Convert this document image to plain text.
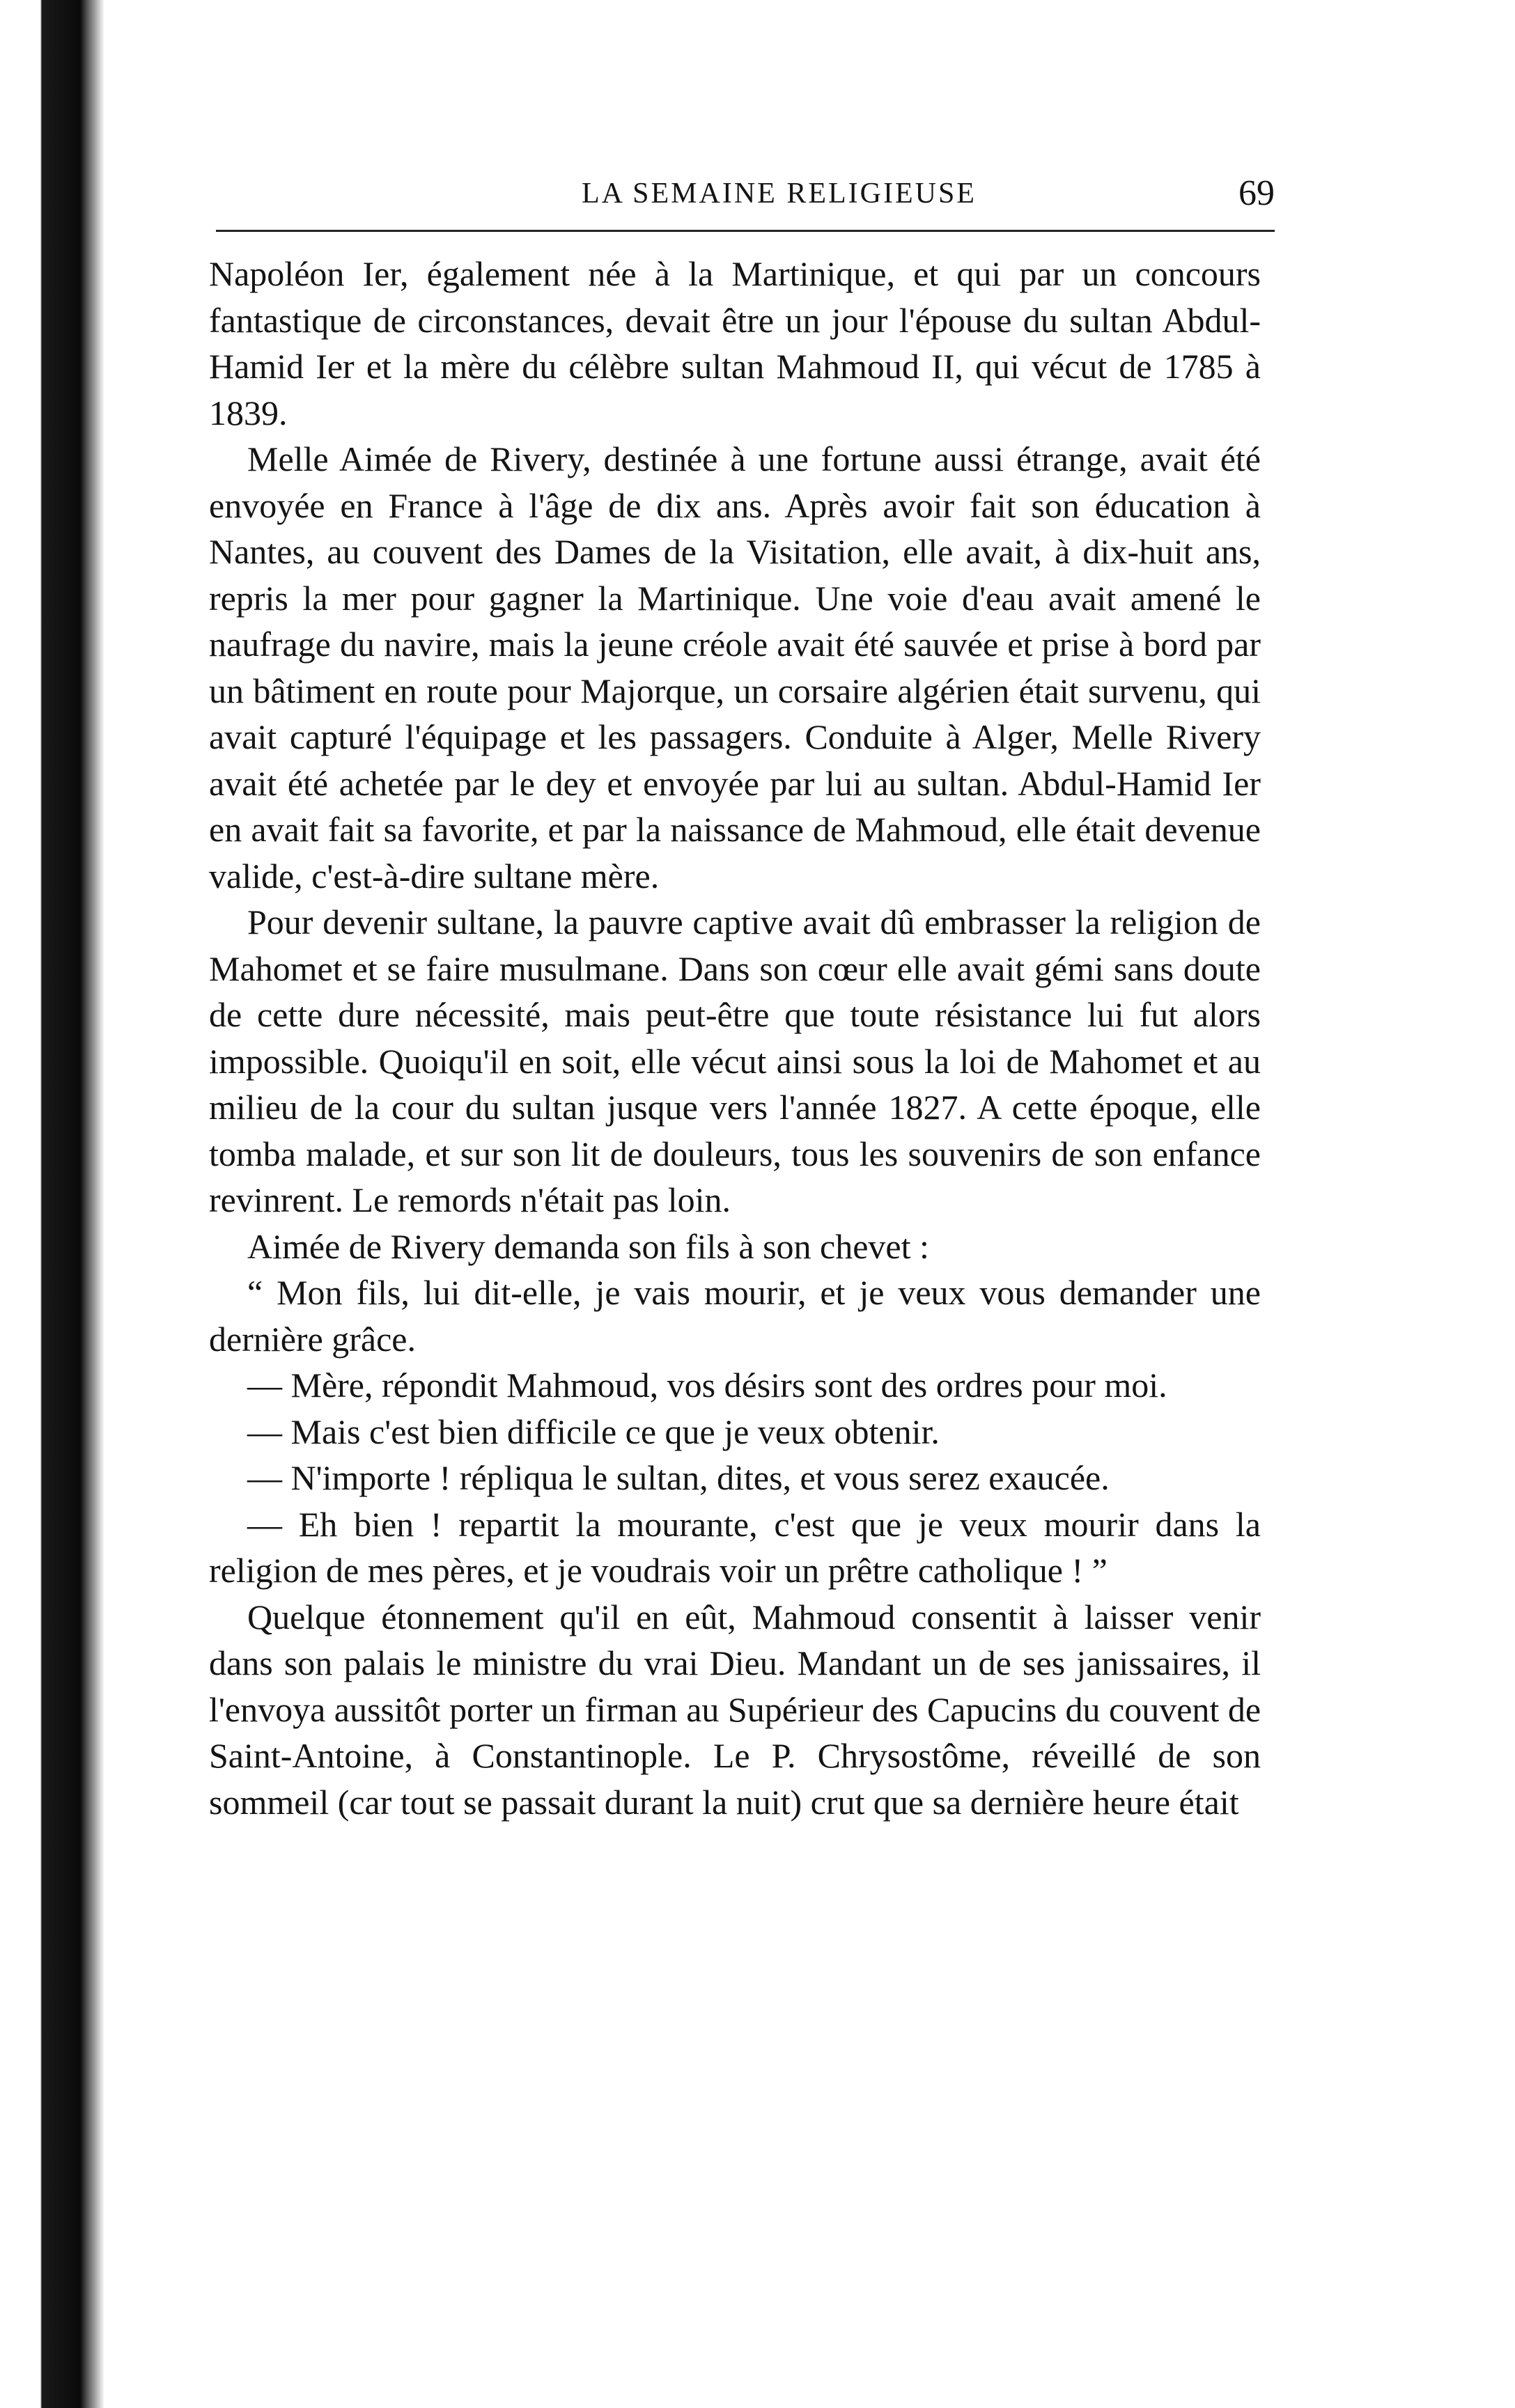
LA SEMAINE RELIGIEUSE	69

Napoléon Ier, également née à la Martinique, et qui par un concours fantastique de circonstances, devait être un jour l'épouse du sultan Abdul-Hamid Ier et la mère du célèbre sultan Mahmoud II, qui vécut de 1785 à 1839.

Melle Aimée de Rivery, destinée à une fortune aussi étrange, avait été envoyée en France à l'âge de dix ans. Après avoir fait son éducation à Nantes, au couvent des Dames de la Visitation, elle avait, à dix-huit ans, repris la mer pour gagner la Martinique. Une voie d'eau avait amené le naufrage du navire, mais la jeune créole avait été sauvée et prise à bord par un bâtiment en route pour Majorque, un corsaire algérien était survenu, qui avait capturé l'équipage et les passagers. Conduite à Alger, Melle Rivery avait été achetée par le dey et envoyée par lui au sultan. Abdul-Hamid Ier en avait fait sa favorite, et par la naissance de Mahmoud, elle était devenue valide, c'est-à-dire sultane mère.

Pour devenir sultane, la pauvre captive avait dû embrasser la religion de Mahomet et se faire musulmane. Dans son cœur elle avait gémi sans doute de cette dure nécessité, mais peut-être que toute résistance lui fut alors impossible. Quoiqu'il en soit, elle vécut ainsi sous la loi de Mahomet et au milieu de la cour du sultan jusque vers l'année 1827. A cette époque, elle tomba malade, et sur son lit de douleurs, tous les souvenirs de son enfance revinrent. Le remords n'était pas loin.

Aimée de Rivery demanda son fils à son chevet :

“ Mon fils, lui dit-elle, je vais mourir, et je veux vous demander une dernière grâce.

— Mère, répondit Mahmoud, vos désirs sont des ordres pour moi.

— Mais c'est bien difficile ce que je veux obtenir.

— N'importe ! répliqua le sultan, dites, et vous serez exaucée.

— Eh bien ! repartit la mourante, c'est que je veux mourir dans la religion de mes pères, et je voudrais voir un prêtre catholique ! ”

Quelque étonnement qu'il en eût, Mahmoud consentit à laisser venir dans son palais le ministre du vrai Dieu. Mandant un de ses janissaires, il l'envoya aussitôt porter un firman au Supérieur des Capucins du couvent de Saint-Antoine, à Constantinople. Le P. Chrysostôme, réveillé de son sommeil (car tout se passait durant la nuit) crut que sa dernière heure était
